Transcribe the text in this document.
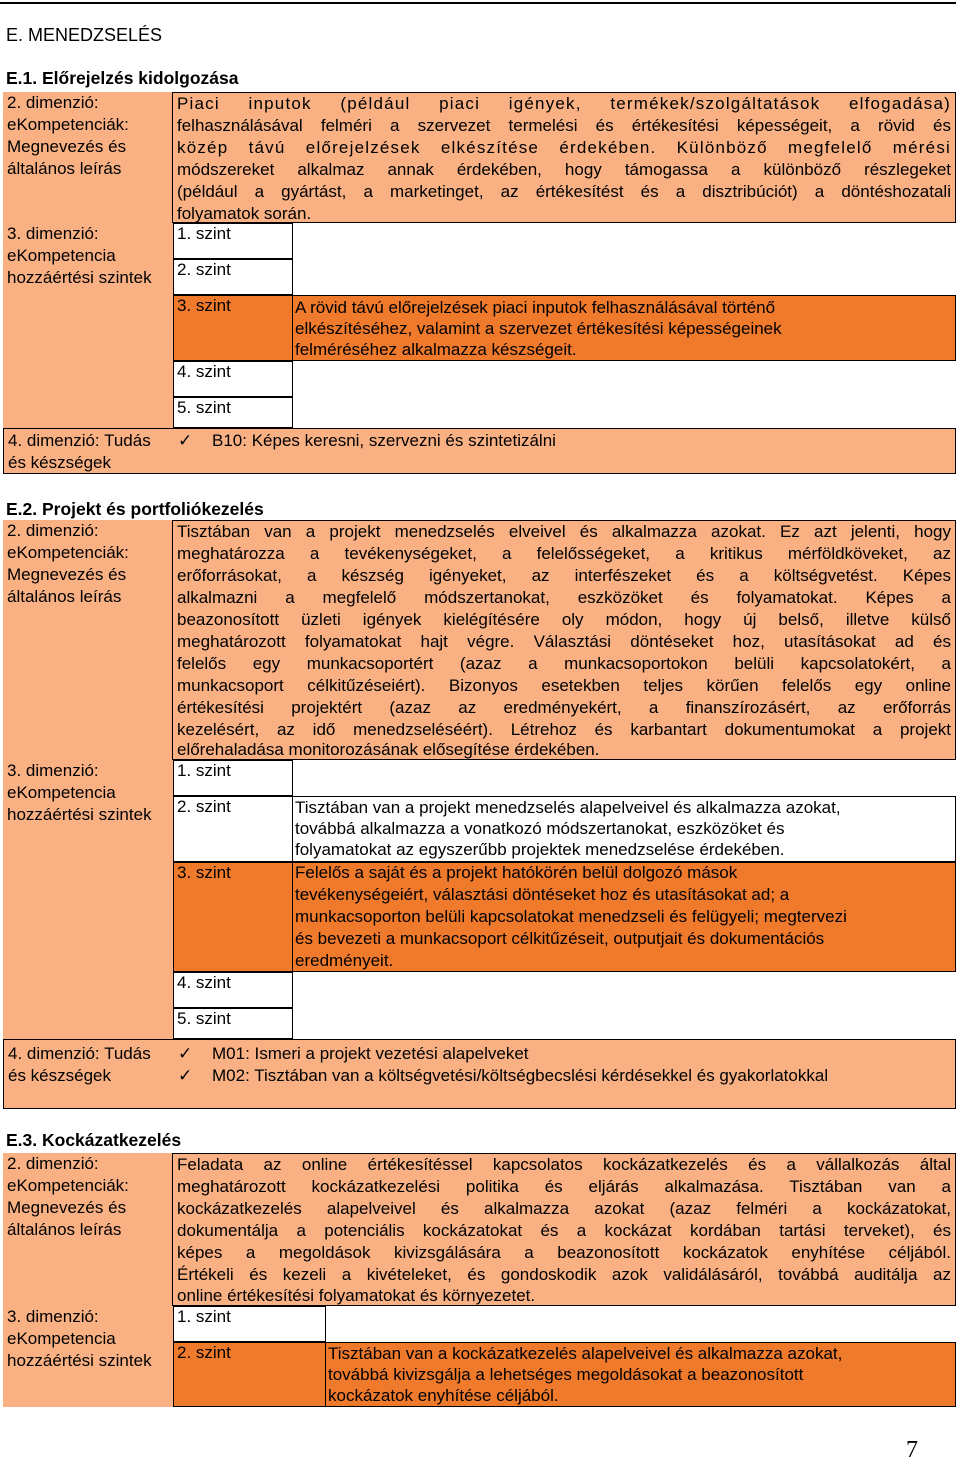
E. MENEDZSELÉS
E.1. Előrejelzés kidolgozása
2. dimenzió:
eKompetenciák:
Megnevezés és
általános leírás
Piaci inputok (például piaci igények, termékek/szolgáltatások elfogadása)
felhasználásával felméri a szervezet termelési és értékesítési képességeit, a rövid és
közép távú előrejelzések elkészítése érdekében. Különböző megfelelő mérési
módszereket alkalmaz annak érdekében, hogy támogassa a különböző részlegeket
(például a gyártást, a marketinget, az értékesítést és a disztribúciót) a döntéshozatali
folyamatok során.
3. dimenzió:
eKompetencia
hozzáértési szintek
1. szint
2. szint
3. szint	A rövid távú előrejelzések piaci inputok felhasználásával történő
elkészítéséhez, valamint a szervezet értékesítési képességeinek
felméréséhez alkalmazza készségeit.
4. szint
5. szint
4. dimenzió: Tudás
és készségek
✓ B10: Képes keresni, szervezni és szintetizálni
E.2. Projekt és portfoliókezelés
2. dimenzió:
eKompetenciák:
Megnevezés és
általános leírás
Tisztában van a projekt menedzselés elveivel és alkalmazza azokat. Ez azt jelenti, hogy
meghatározza a tevékenységeket, a felelősségeket, a kritikus mérföldköveket, az
erőforrásokat, a készség igényeket, az interfészeket és a költségvetést. Képes
alkalmazni a megfelelő módszertanokat, eszközöket és folyamatokat. Képes a
beazonosított üzleti igények kielégítésére oly módon, hogy új belső, illetve külső
meghatározott folyamatokat hajt végre. Választási döntéseket hoz, utasításokat ad és
felelős egy munkacsoportért (azaz a munkacsoportokon belüli kapcsolatokért, a
munkacsoport célkitűzéseiért). Bizonyos esetekben teljes körűen felelős egy online
értékesítési projektért (azaz az eredményekért, a finanszírozásért, az erőforrás
kezelésért, az idő menedzseléséért). Létrehoz és karbantart dokumentumokat a projekt
előrehaladása monitorozásának elősegítése érdekében.
3. dimenzió:
eKompetencia
hozzáértési szintek
1. szint
2. szint	Tisztában van a projekt menedzselés alapelveivel és alkalmazza azokat,
továbbá alkalmazza a vonatkozó módszertanokat, eszközöket és
folyamatokat az egyszerűbb projektek menedzselése érdekében.
3. szint	Felelős a saját és a projekt hatókörén belül dolgozó mások
tevékenységeiért, választási döntéseket hoz és utasításokat ad; a
munkacsoporton belüli kapcsolatokat menedzseli és felügyeli; megtervezi
és bevezeti a munkacsoport célkitűzéseit, outputjait és dokumentációs
eredményeit.
4. szint
5. szint
4. dimenzió: Tudás
és készségek
✓ M01: Ismeri a projekt vezetési alapelveket
✓ M02: Tisztában van a költségvetési/költségbecslési kérdésekkel és gyakorlatokkal
E.3. Kockázatkezelés
2. dimenzió:
eKompetenciák:
Megnevezés és
általános leírás
Feladata az online értékesítéssel kapcsolatos kockázatkezelés és a vállalkozás által
meghatározott kockázatkezelési politika és eljárás alkalmazása. Tisztában van a
kockázatkezelés alapelveivel és alkalmazza azokat (azaz felméri a kockázatokat,
dokumentálja a potenciális kockázatokat és a kockázat kordában tartási terveket), és
képes a megoldások kivizsgálására a beazonosított kockázatok enyhítése céljából.
Értékeli és kezeli a kivételeket, és gondoskodik azok validálásáról, továbbá auditálja az
online értékesítési folyamatokat és környezetet.
3. dimenzió:
eKompetencia
hozzáértési szintek
1. szint
2. szint	Tisztában van a kockázatkezelés alapelveivel és alkalmazza azokat,
továbbá kivizsgálja a lehetséges megoldásokat a beazonosított
kockázatok enyhítése céljából.
7
